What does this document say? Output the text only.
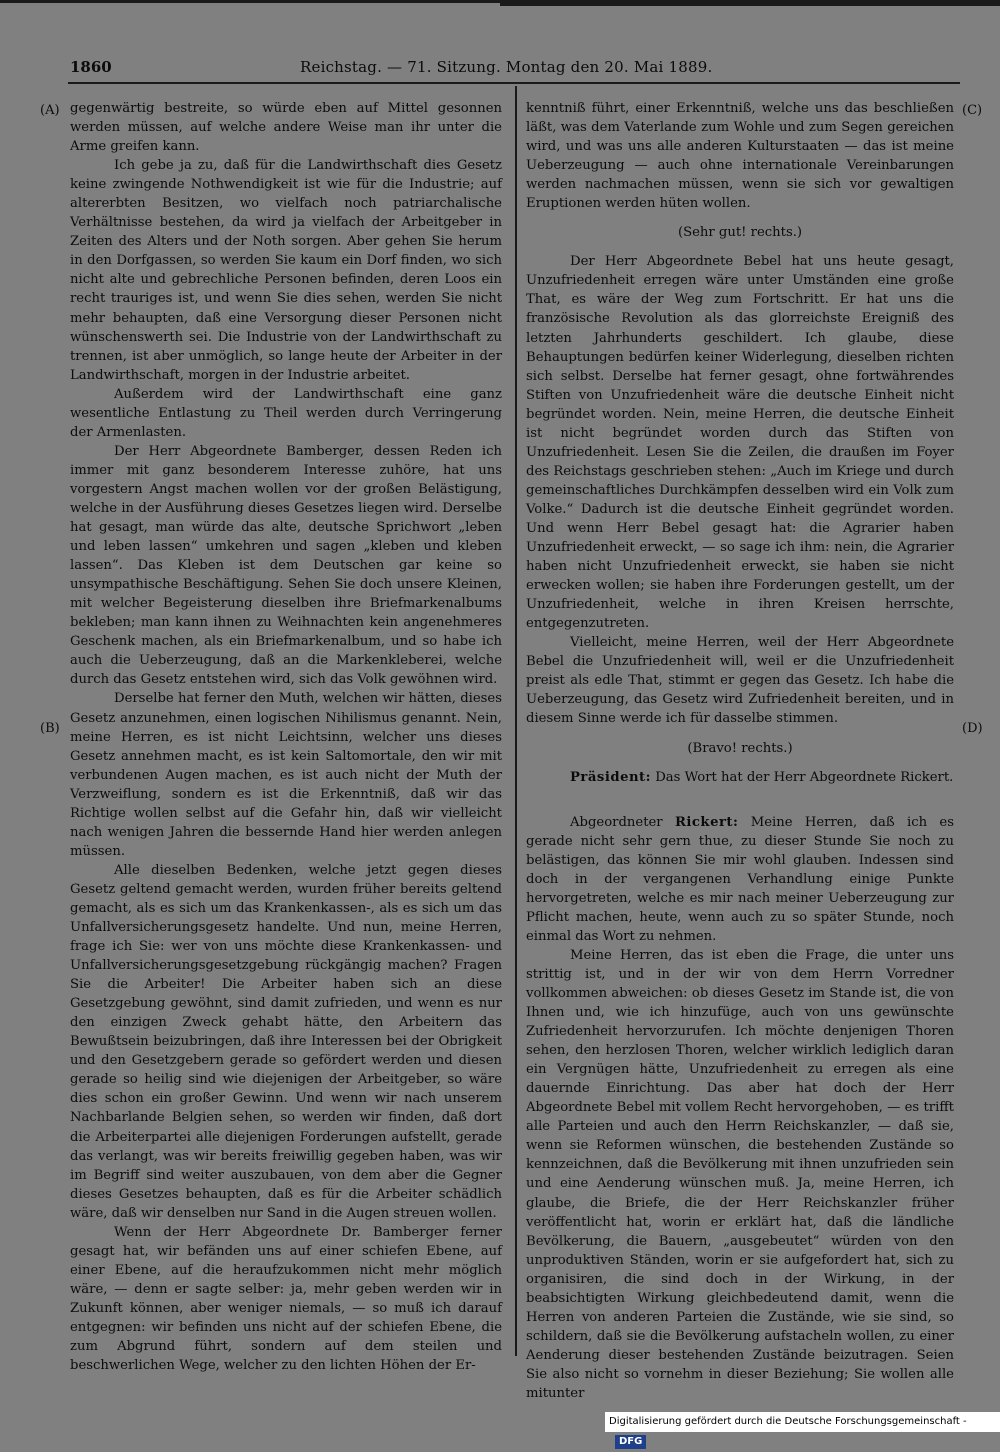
1860	Reichstag. — 71. Sitzung. Montag den 20. Mai 1889.
(A)
(B)
(C)
(D)

gegenwärtig bestreite, so würde eben auf Mittel gesonnen werden müssen, auf welche andere Weise man ihr unter die Arme greifen kann.

Ich gebe ja zu, daß für die Landwirthschaft dies Gesetz keine zwingende Nothwendigkeit ist wie für die Industrie; auf altererbten Besitzen, wo vielfach noch patriarchalische Verhältnisse bestehen, da wird ja vielfach der Arbeitgeber in Zeiten des Alters und der Noth sorgen. Aber gehen Sie herum in den Dorfgassen, so werden Sie kaum ein Dorf finden, wo sich nicht alte und gebrechliche Personen befinden, deren Loos ein recht trauriges ist, und wenn Sie dies sehen, werden Sie nicht mehr behaupten, daß eine Versorgung dieser Personen nicht wünschenswerth sei. Die Industrie von der Landwirthschaft zu trennen, ist aber unmöglich, so lange heute der Arbeiter in der Landwirthschaft, morgen in der Industrie arbeitet.

Außerdem wird der Landwirthschaft eine ganz wesentliche Entlastung zu Theil werden durch Verringerung der Armenlasten.

Der Herr Abgeordnete Bamberger, dessen Reden ich immer mit ganz besonderem Interesse zuhöre, hat uns vorgestern Angst machen wollen vor der großen Belästigung, welche in der Ausführung dieses Gesetzes liegen wird. Derselbe hat gesagt, man würde das alte, deutsche Sprichwort „leben und leben lassen“ umkehren und sagen „kleben und kleben lassen“. Das Kleben ist dem Deutschen gar keine so unsympathische Beschäftigung. Sehen Sie doch unsere Kleinen, mit welcher Begeisterung dieselben ihre Briefmarkenalbums bekleben; man kann ihnen zu Weihnachten kein angenehmeres Geschenk machen, als ein Briefmarkenalbum, und so habe ich auch die Ueberzeugung, daß an die Markenkleberei, welche durch das Gesetz entstehen wird, sich das Volk gewöhnen wird.

Derselbe hat ferner den Muth, welchen wir hätten, dieses Gesetz anzunehmen, einen logischen Nihilismus genannt. Nein, meine Herren, es ist nicht Leichtsinn, welcher uns dieses Gesetz annehmen macht, es ist kein Saltomortale, den wir mit verbundenen Augen machen, es ist auch nicht der Muth der Verzweiflung, sondern es ist die Erkenntniß, daß wir das Richtige wollen selbst auf die Gefahr hin, daß wir vielleicht nach wenigen Jahren die bessernde Hand hier werden anlegen müssen.

Alle dieselben Bedenken, welche jetzt gegen dieses Gesetz geltend gemacht werden, wurden früher bereits geltend gemacht, als es sich um das Krankenkassen-, als es sich um das Unfallversicherungsgesetz handelte. Und nun, meine Herren, frage ich Sie: wer von uns möchte diese Krankenkassen- und Unfallversicherungsgesetzgebung rückgängig machen? Fragen Sie die Arbeiter! Die Arbeiter haben sich an diese Gesetzgebung gewöhnt, sind damit zufrieden, und wenn es nur den einzigen Zweck gehabt hätte, den Arbeitern das Bewußtsein beizubringen, daß ihre Interessen bei der Obrigkeit und den Gesetzgebern gerade so gefördert werden und diesen gerade so heilig sind wie diejenigen der Arbeitgeber, so wäre dies schon ein großer Gewinn. Und wenn wir nach unserem Nachbarlande Belgien sehen, so werden wir finden, daß dort die Arbeiterpartei alle diejenigen Forderungen aufstellt, gerade das verlangt, was wir bereits freiwillig gegeben haben, was wir im Begriff sind weiter auszubauen, von dem aber die Gegner dieses Gesetzes behaupten, daß es für die Arbeiter schädlich wäre, daß wir denselben nur Sand in die Augen streuen wollen.

Wenn der Herr Abgeordnete Dr. Bamberger ferner gesagt hat, wir befänden uns auf einer schiefen Ebene, auf einer Ebene, auf die heraufzukommen nicht mehr möglich wäre, — denn er sagte selber: ja, mehr geben werden wir in Zukunft können, aber weniger niemals, — so muß ich darauf entgegnen: wir befinden uns nicht auf der schiefen Ebene, die zum Abgrund führt, sondern auf dem steilen und beschwerlichen Wege, welcher zu den lichten Höhen der Er-

kenntniß führt, einer Erkenntniß, welche uns das beschließen läßt, was dem Vaterlande zum Wohle und zum Segen gereichen wird, und was uns alle anderen Kulturstaaten — das ist meine Ueberzeugung — auch ohne internationale Vereinbarungen werden nachmachen müssen, wenn sie sich vor gewaltigen Eruptionen werden hüten wollen.

(Sehr gut! rechts.)

Der Herr Abgeordnete Bebel hat uns heute gesagt, Unzufriedenheit erregen wäre unter Umständen eine große That, es wäre der Weg zum Fortschritt. Er hat uns die französische Revolution als das glorreichste Ereigniß des letzten Jahrhunderts geschildert. Ich glaube, diese Behauptungen bedürfen keiner Widerlegung, dieselben richten sich selbst. Derselbe hat ferner gesagt, ohne fortwährendes Stiften von Unzufriedenheit wäre die deutsche Einheit nicht begründet worden. Nein, meine Herren, die deutsche Einheit ist nicht begründet worden durch das Stiften von Unzufriedenheit. Lesen Sie die Zeilen, die draußen im Foyer des Reichstags geschrieben stehen: „Auch im Kriege und durch gemeinschaftliches Durchkämpfen desselben wird ein Volk zum Volke.“ Dadurch ist die deutsche Einheit gegründet worden. Und wenn Herr Bebel gesagt hat: die Agrarier haben Unzufriedenheit erweckt, — so sage ich ihm: nein, die Agrarier haben nicht Unzufriedenheit erweckt, sie haben sie nicht erwecken wollen; sie haben ihre Forderungen gestellt, um der Unzufriedenheit, welche in ihren Kreisen herrschte, entgegenzutreten.

Vielleicht, meine Herren, weil der Herr Abgeordnete Bebel die Unzufriedenheit will, weil er die Unzufriedenheit preist als edle That, stimmt er gegen das Gesetz. Ich habe die Ueberzeugung, das Gesetz wird Zufriedenheit bereiten, und in diesem Sinne werde ich für dasselbe stimmen.

(Bravo! rechts.)

Präsident: Das Wort hat der Herr Abgeordnete Rickert.

Abgeordneter Rickert: Meine Herren, daß ich es gerade nicht sehr gern thue, zu dieser Stunde Sie noch zu belästigen, das können Sie mir wohl glauben. Indessen sind doch in der vergangenen Verhandlung einige Punkte hervorgetreten, welche es mir nach meiner Ueberzeugung zur Pflicht machen, heute, wenn auch zu so später Stunde, noch einmal das Wort zu nehmen.

Meine Herren, das ist eben die Frage, die unter uns strittig ist, und in der wir von dem Herrn Vorredner vollkommen abweichen: ob dieses Gesetz im Stande ist, die von Ihnen und, wie ich hinzufüge, auch von uns gewünschte Zufriedenheit hervorzurufen. Ich möchte denjenigen Thoren sehen, den herzlosen Thoren, welcher wirklich lediglich daran ein Vergnügen hätte, Unzufriedenheit zu erregen als eine dauernde Einrichtung. Das aber hat doch der Herr Abgeordnete Bebel mit vollem Recht hervorgehoben, — es trifft alle Parteien und auch den Herrn Reichskanzler, — daß sie, wenn sie Reformen wünschen, die bestehenden Zustände so kennzeichnen, daß die Bevölkerung mit ihnen unzufrieden sein und eine Aenderung wünschen muß. Ja, meine Herren, ich glaube, die Briefe, die der Herr Reichskanzler früher veröffentlicht hat, worin er erklärt hat, daß die ländliche Bevölkerung, die Bauern, „ausgebeutet“ würden von den unproduktiven Ständen, worin er sie aufgefordert hat, sich zu organisiren, die sind doch in der Wirkung, in der beabsichtigten Wirkung gleichbedeutend damit, wenn die Herren von anderen Parteien die Zustände, wie sie sind, so schildern, daß sie die Bevölkerung aufstacheln wollen, zu einer Aenderung dieser bestehenden Zustände beizutragen. Seien Sie also nicht so vornehm in dieser Beziehung; Sie wollen alle mitunter

Digitalisierung gefördert durch die Deutsche Forschungsgemeinschaft -DFG
